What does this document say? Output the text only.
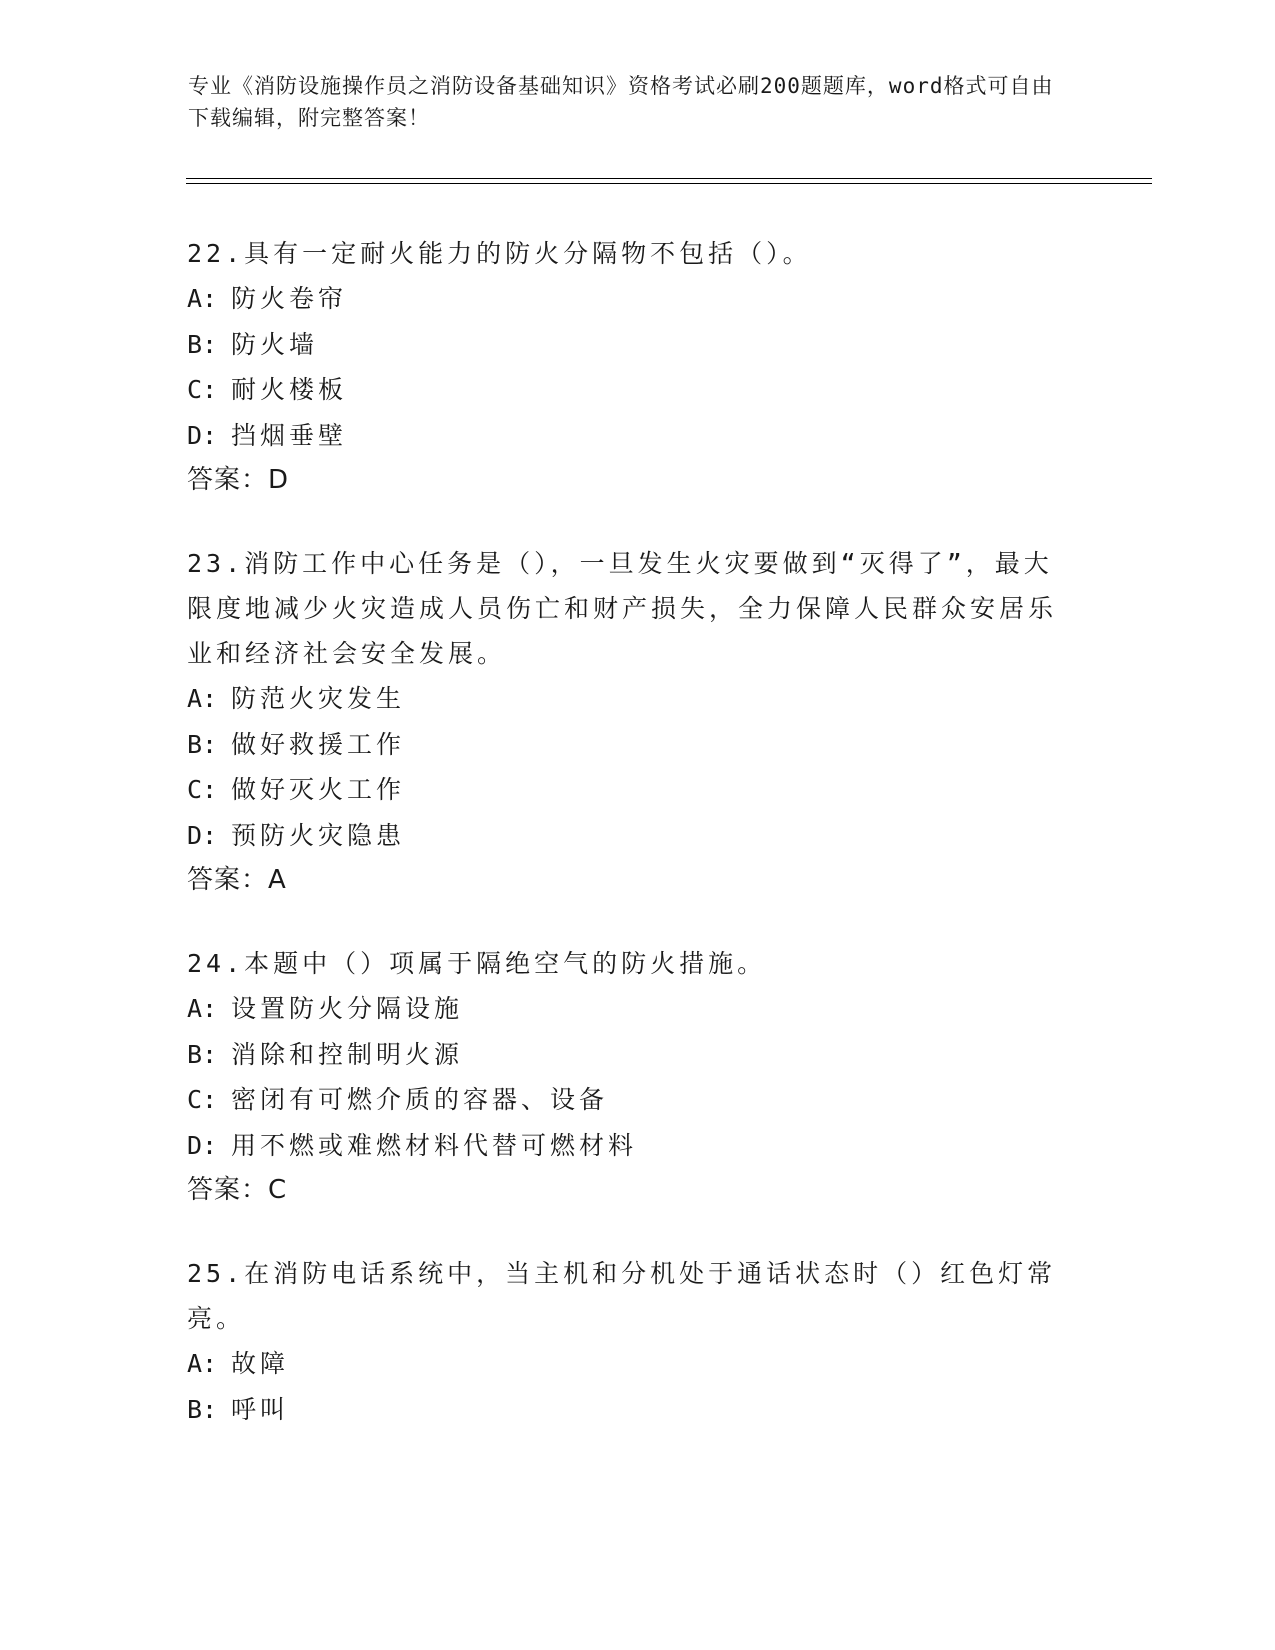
专业《消防设施操作员之消防设备基础知识》资格考试必刷200题题库，word格式可自由下载编辑，附完整答案！
22.具有一定耐火能力的防火分隔物不包括（）。
A: 防火卷帘
B: 防火墙
C: 耐火楼板
D: 挡烟垂壁
答案：D
23.消防工作中心任务是（），一旦发生火灾要做到“灭得了”，最大限度地减少火灾造成人员伤亡和财产损失，全力保障人民群众安居乐业和经济社会安全发展。
A: 防范火灾发生
B: 做好救援工作
C: 做好灭火工作
D: 预防火灾隐患
答案：A
24.本题中（）项属于隔绝空气的防火措施。
A: 设置防火分隔设施
B: 消除和控制明火源
C: 密闭有可燃介质的容器、设备
D: 用不燃或难燃材料代替可燃材料
答案：C
25.在消防电话系统中，当主机和分机处于通话状态时（）红色灯常亮。
A: 故障
B: 呼叫
